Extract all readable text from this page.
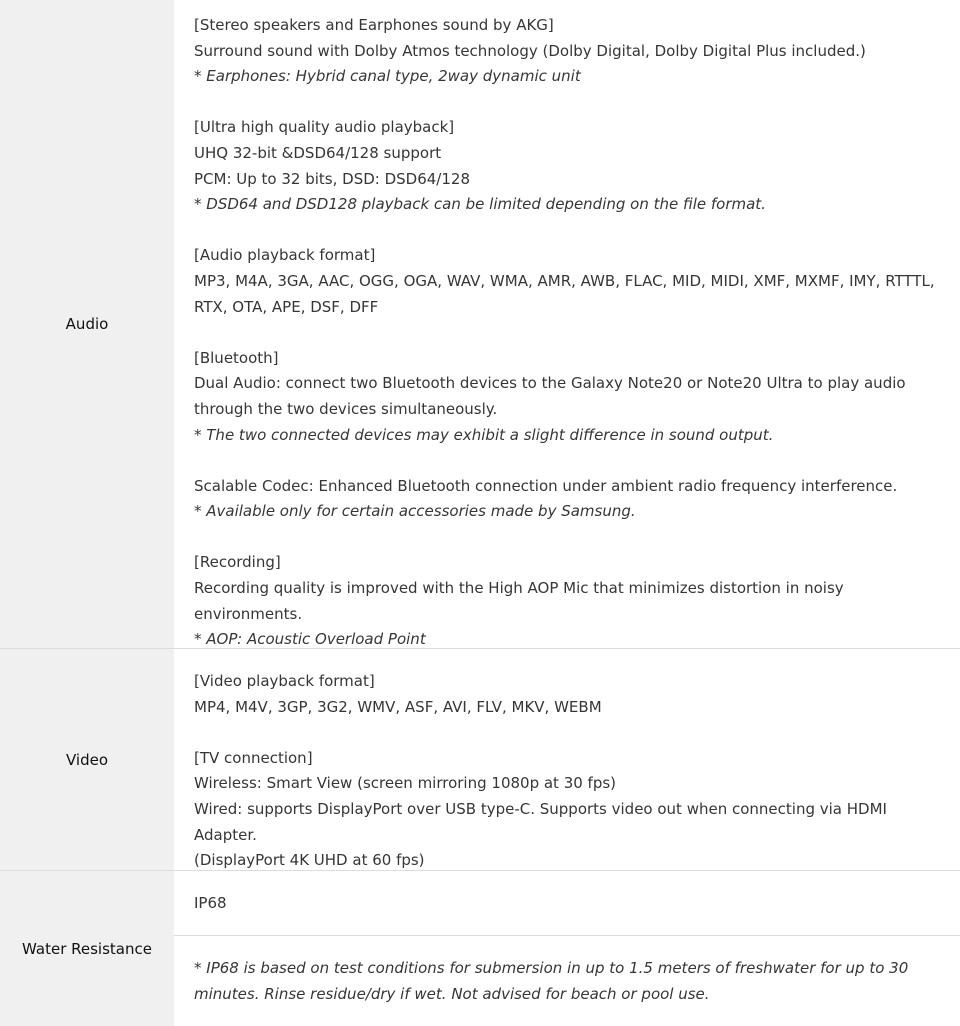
Audio
[Stereo speakers and Earphones sound by AKG]
Surround sound with Dolby Atmos technology (Dolby Digital, Dolby Digital Plus included.)
* Earphones: Hybrid canal type, 2way dynamic unit
[Ultra high quality audio playback]
UHQ 32-bit &DSD64/128 support
PCM: Up to 32 bits, DSD: DSD64/128
* DSD64 and DSD128 playback can be limited depending on the file format.
[Audio playback format]
MP3, M4A, 3GA, AAC, OGG, OGA, WAV, WMA, AMR, AWB, FLAC, MID, MIDI, XMF, MXMF, IMY, RTTTL, RTX, OTA, APE, DSF, DFF
[Bluetooth]
Dual Audio: connect two Bluetooth devices to the Galaxy Note20 or Note20 Ultra to play audio through the two devices simultaneously.
* The two connected devices may exhibit a slight difference in sound output.
Scalable Codec: Enhanced Bluetooth connection under ambient radio frequency interference.
* Available only for certain accessories made by Samsung.
[Recording]
Recording quality is improved with the High AOP Mic that minimizes distortion in noisy environments.
* AOP: Acoustic Overload Point
Video
[Video playback format]
MP4, M4V, 3GP, 3G2, WMV, ASF, AVI, FLV, MKV, WEBM
[TV connection]
Wireless: Smart View (screen mirroring 1080p at 30 fps)
Wired: supports DisplayPort over USB type-C. Supports video out when connecting via HDMI Adapter.
(DisplayPort 4K UHD at 60 fps)
Water Resistance
IP68
* IP68 is based on test conditions for submersion in up to 1.5 meters of freshwater for up to 30 minutes. Rinse residue/dry if wet. Not advised for beach or pool use.
